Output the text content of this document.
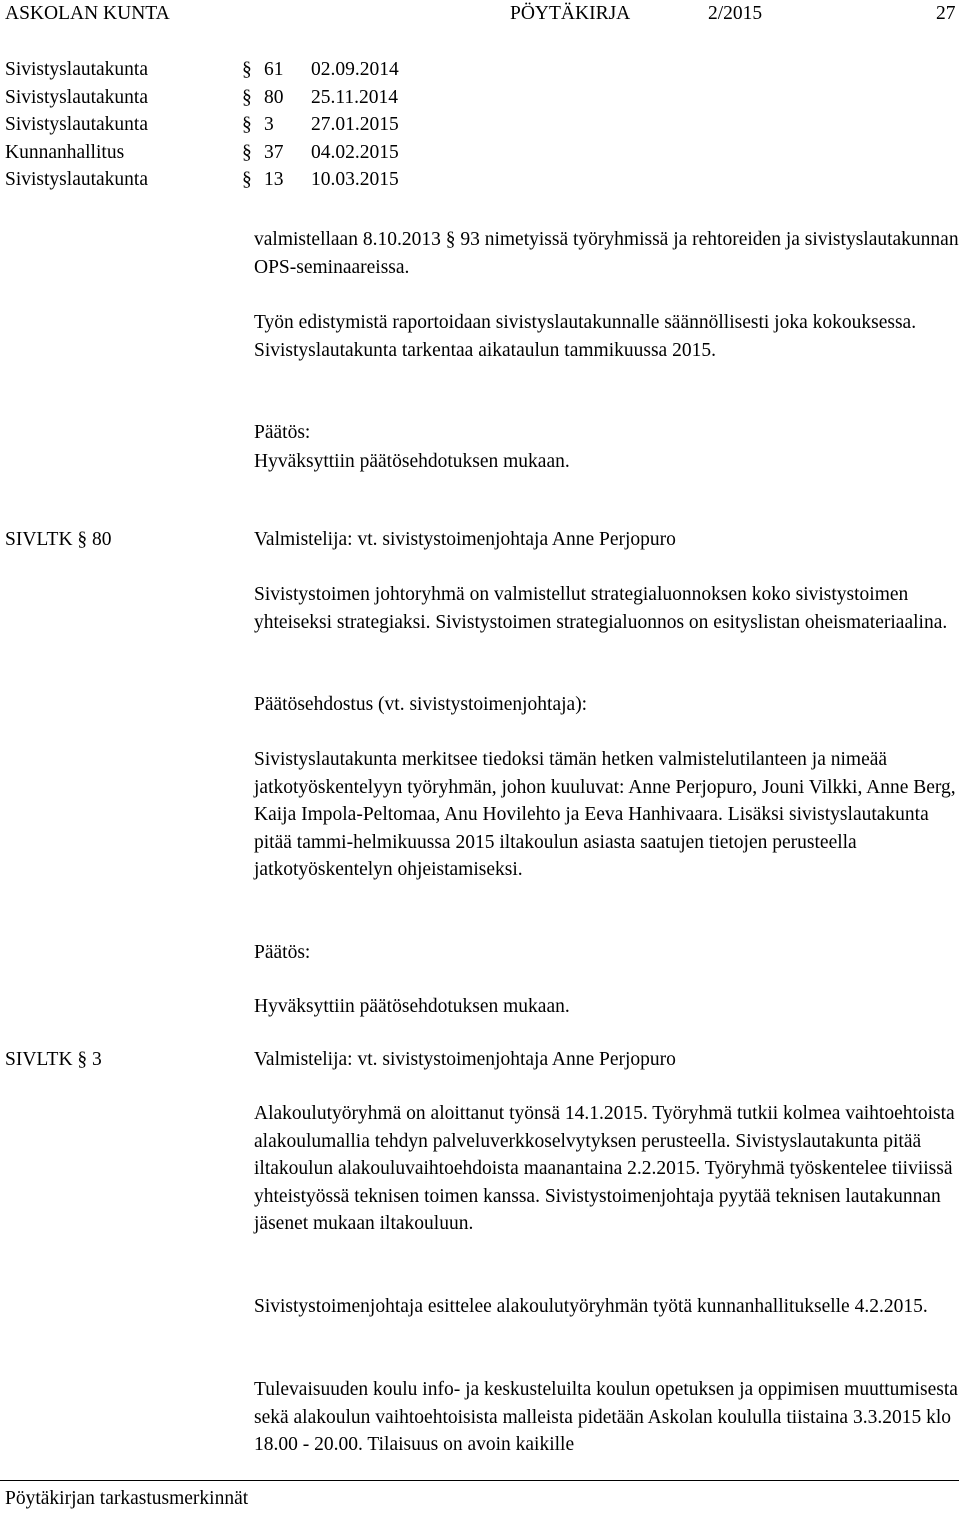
ASKOLAN KUNTA	PÖYTÄKIRJA	2/2015	27
Sivistyslautakunta	§ 61 02.09.2014
Sivistyslautakunta	§ 80 25.11.2014
Sivistyslautakunta	§ 3 27.01.2015
Kunnanhallitus	§ 37 04.02.2015
Sivistyslautakunta	§ 13 10.03.2015

valmistellaan 8.10.2013 § 93 nimetyissä työryhmissä ja rehtoreiden ja sivistyslautakunnan OPS-seminaareissa.

Työn edistymistä raportoidaan sivistyslautakunnalle säännöllisesti joka kokouksessa. Sivistyslautakunta tarkentaa aikataulun tammikuussa 2015.

Päätös:

Hyväksyttiin päätösehdotuksen mukaan.

SIVLTK § 80	Valmistelija: vt. sivistystoimenjohtaja Anne Perjopuro

Sivistystoimen johtoryhmä on valmistellut strategialuonnoksen koko sivistystoimen yhteiseksi strategiaksi. Sivistystoimen strategialuonnos on esityslistan oheismateriaalina.

Päätösehdostus (vt. sivistystoimenjohtaja):

Sivistyslautakunta merkitsee tiedoksi tämän hetken valmistelutilanteen ja nimeää jatkotyöskentelyyn työryhmän, johon kuuluvat: Anne Perjopuro, Jouni Vilkki, Anne Berg, Kaija Impola-Peltomaa, Anu Hovilehto ja Eeva Hanhivaara. Lisäksi sivistyslautakunta pitää tammi-helmikuussa 2015 iltakoulun asiasta saatujen tietojen perusteella jatkotyöskentelyn ohjeistamiseksi.

Päätös:

Hyväksyttiin päätösehdotuksen mukaan.

SIVLTK § 3	Valmistelija: vt. sivistystoimenjohtaja Anne Perjopuro

Alakoulutyöryhmä on aloittanut työnsä 14.1.2015. Työryhmä tutkii kolmea vaihtoehtoista alakoulumallia tehdyn palveluverkkoselvytyksen perusteella. Sivistyslautakunta pitää iltakoulun alakouluvaihtoehdoista maanantaina 2.2.2015. Työryhmä työskentelee tiiviissä yhteistyössä teknisen toimen kanssa. Sivistystoimenjohtaja pyytää teknisen lautakunnan jäsenet mukaan iltakouluun.

Sivistystoimenjohtaja esittelee alakoulutyöryhmän työtä kunnanhallitukselle 4.2.2015.

Tulevaisuuden koulu info- ja keskusteluilta koulun opetuksen ja oppimisen muuttumisesta sekä alakoulun vaihtoehtoisista malleista pidetään Askolan koululla tiistaina 3.3.2015 klo 18.00 - 20.00. Tilaisuus on avoin kaikille

Pöytäkirjan tarkastusmerkinnät
